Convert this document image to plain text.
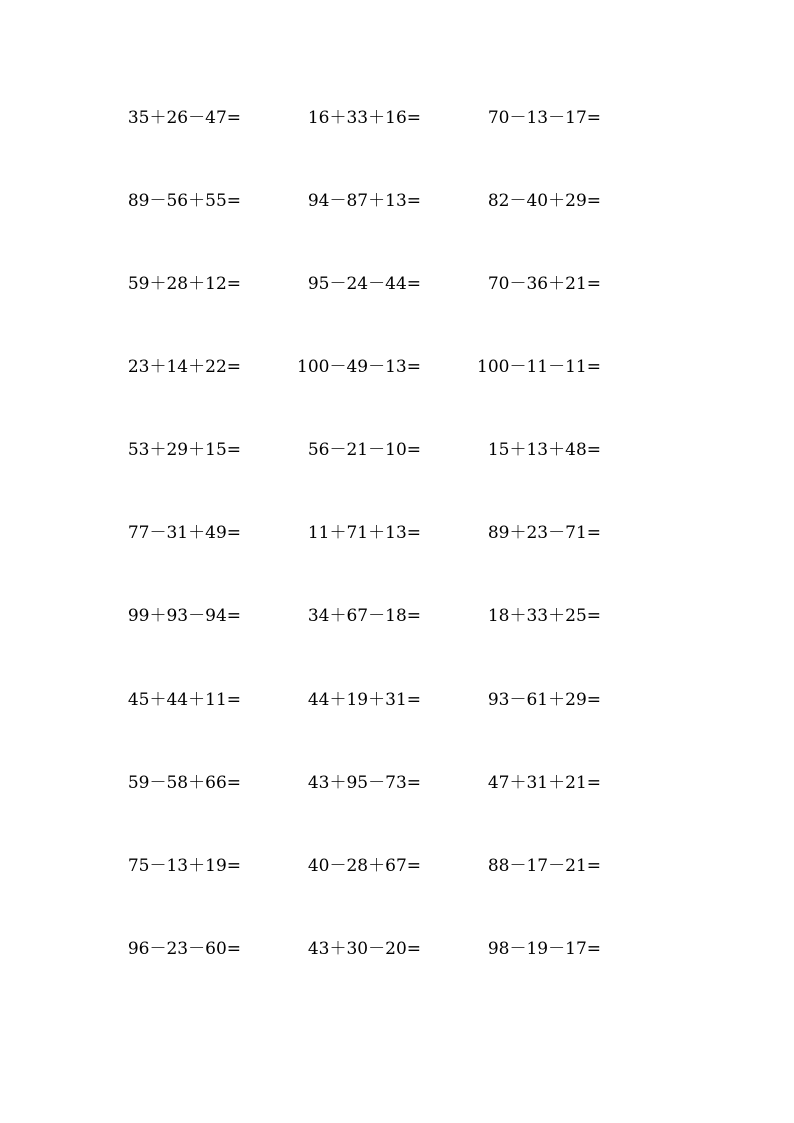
35＋26－47=	16＋33＋16=	70－13－17=
89－56＋55=	94－87＋13=	82－40＋29=
59＋28＋12=	95－24－44=	70－36＋21=
23＋14＋22=	100－49－13=	100－11－11=
53＋29＋15=	56－21－10=	15＋13＋48=
77－31＋49=	11＋71＋13=	89＋23－71=
99＋93－94=	34＋67－18=	18＋33＋25=
45＋44＋11=	44＋19＋31=	93－61＋29=
59－58＋66=	43＋95－73=	47＋31＋21=
75－13＋19=	40－28＋67=	88－17－21=
96－23－60=	43＋30－20=	98－19－17=
